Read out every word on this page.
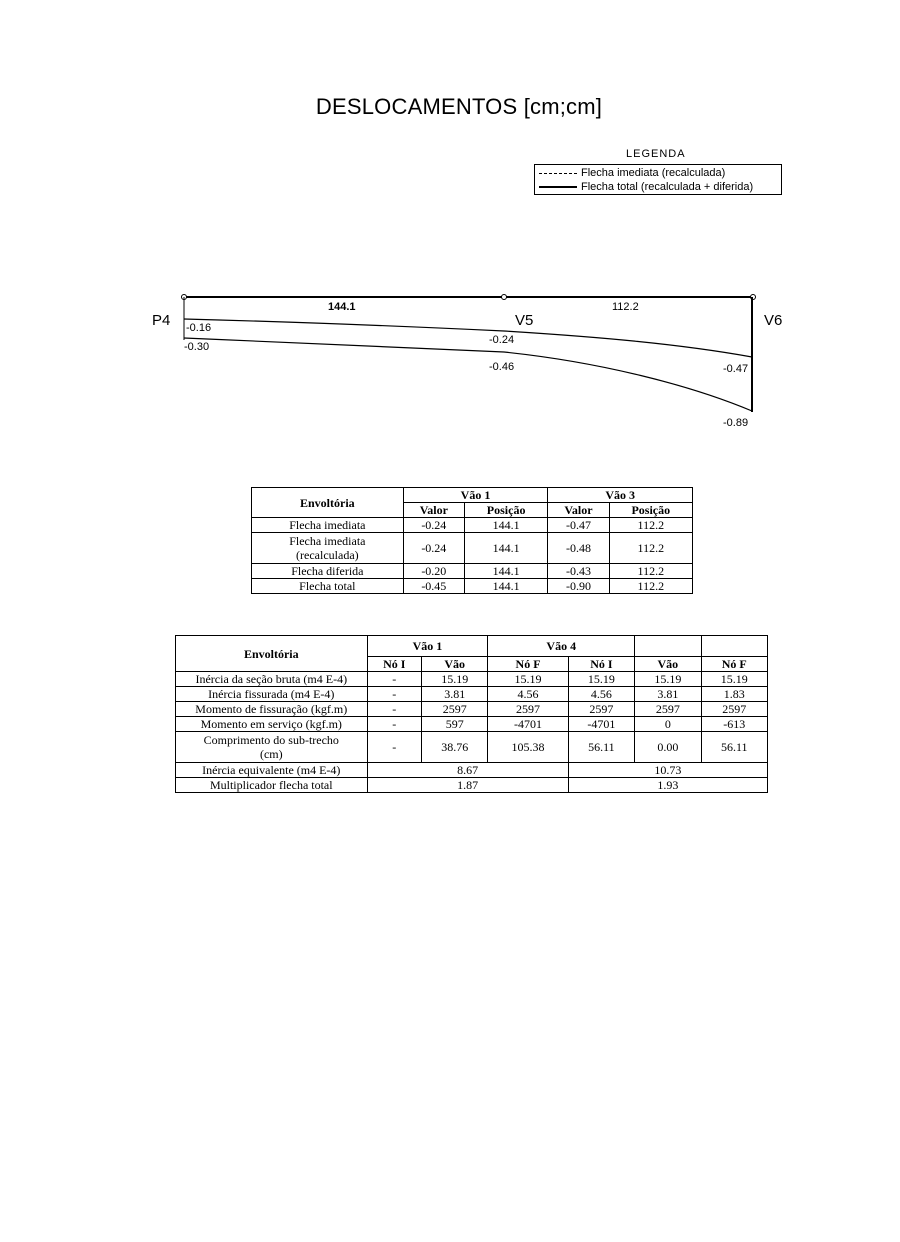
DESLOCAMENTOS [cm;cm]
LEGENDA
Flecha imediata (recalculada)
Flecha total (recalculada + diferida)
P4	V5	V6
144.1	112.2
-0.16
-0.30
-0.24
-0.46	-0.47
-0.89
Envoltória	Vão 1		Vão 3	
	Valor	Posição	Valor	Posição
Flecha imediata	-0.24	144.1	-0.47	112.2
Flecha imediata (recalculada)	-0.24	144.1	-0.48	112.2
Flecha diferida	-0.20	144.1	-0.43	112.2
Flecha total	-0.45	144.1	-0.90	112.2
Envoltória	Vão 1		Vão 4			
	Nó I	Vão	Nó F	Nó I	Vão	Nó F
Inércia da seção bruta (m4 E-4)	-	15.19	15.19	15.19	15.19	15.19
Inércia fissurada (m4 E-4)	-	3.81	4.56	4.56	3.81	1.83
Momento de fissuração (kgf.m)	-	2597	2597	2597	2597	2597
Momento em serviço (kgf.m)	-	597	-4701	-4701	0	-613
Comprimento do sub-trecho (cm)	-	38.76	105.38	56.11	0.00	56.11
Inércia equivalente (m4 E-4)	8.67			10.73		
Multiplicador flecha total	1.87			1.93		
